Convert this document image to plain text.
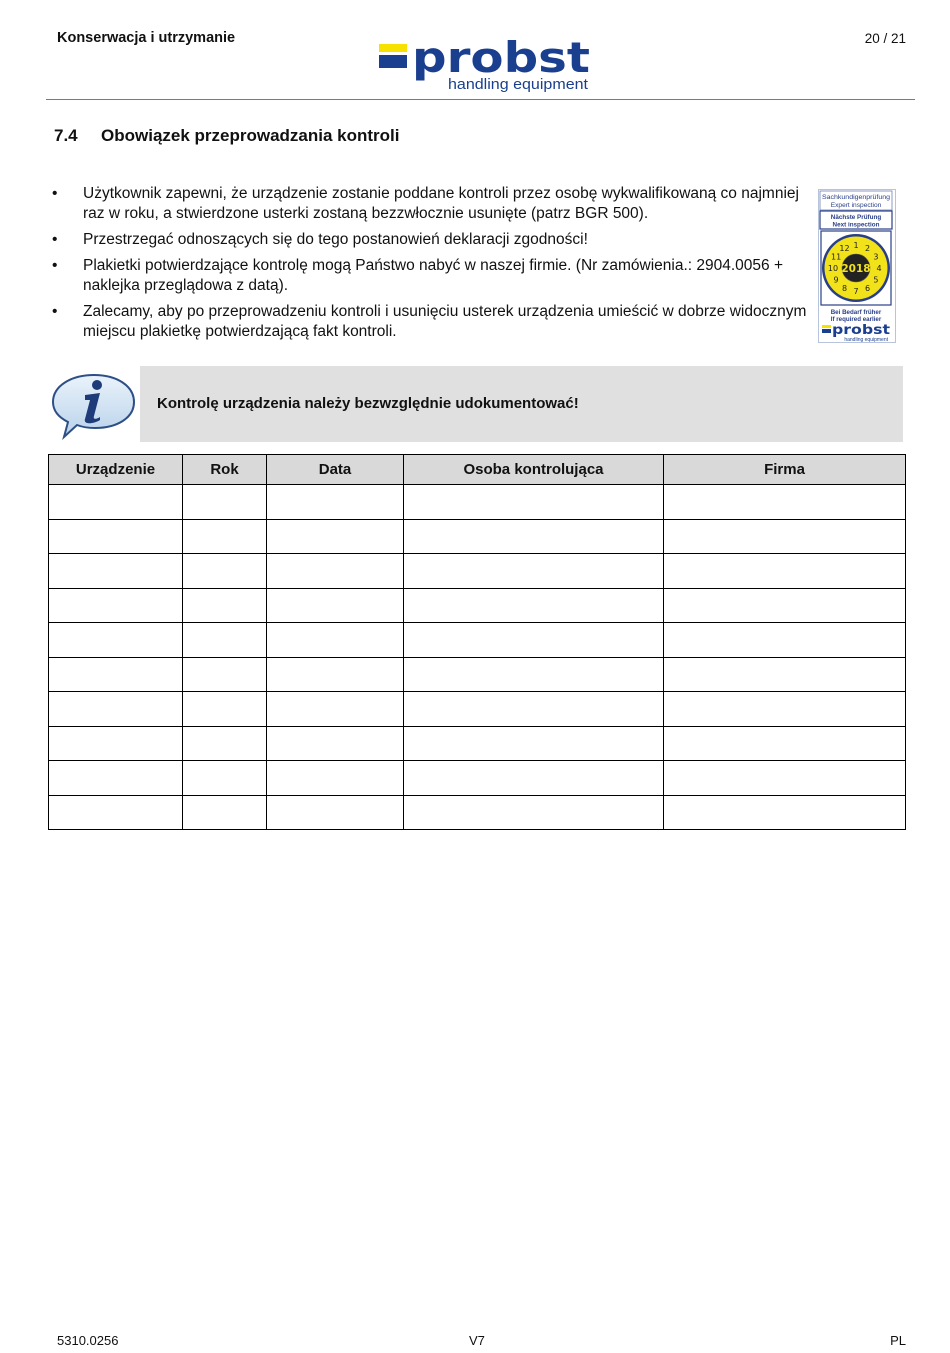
Konserwacja i utrzymanie	probst
handling equipment
20 / 21
7.4 Obowiązek przeprowadzania kontroli
• Użytkownik zapewni, że urządzenie zostanie poddane kontroli przez osobę wykwalifikowaną co najmniej raz w roku, a stwierdzone usterki zostaną bezzwłocznie usunięte (patrz BGR 500).
• Przestrzegać odnoszących się do tego postanowień deklaracji zgodności!
• Plakietki potwierdzające kontrolę mogą Państwo nabyć w naszej firmie. (Nr zamówienia.: 2904.0056 + naklejka przeglądowa z datą).
• Zalecamy, aby po przeprowadzeniu kontroli i usunięciu usterek urządzenia umieścić w dobrze widocznym miejscu plakietkę potwierdzającą fakt kontroli.
Sachkundigenprüfung
Expert inspection
Nächste Prüfung
Next inspection
2018
1 2
3
4
5
6
7
8
9
10
11
12
Bei Bedarf früher
If required earlier
probst
handling equipment
Kontrolę urządzenia należy bezwzględnie udokumentować!
Urządzenie	Rok	Data	Osoba kontrolująca	Firma

5310.0256	V7	PL
